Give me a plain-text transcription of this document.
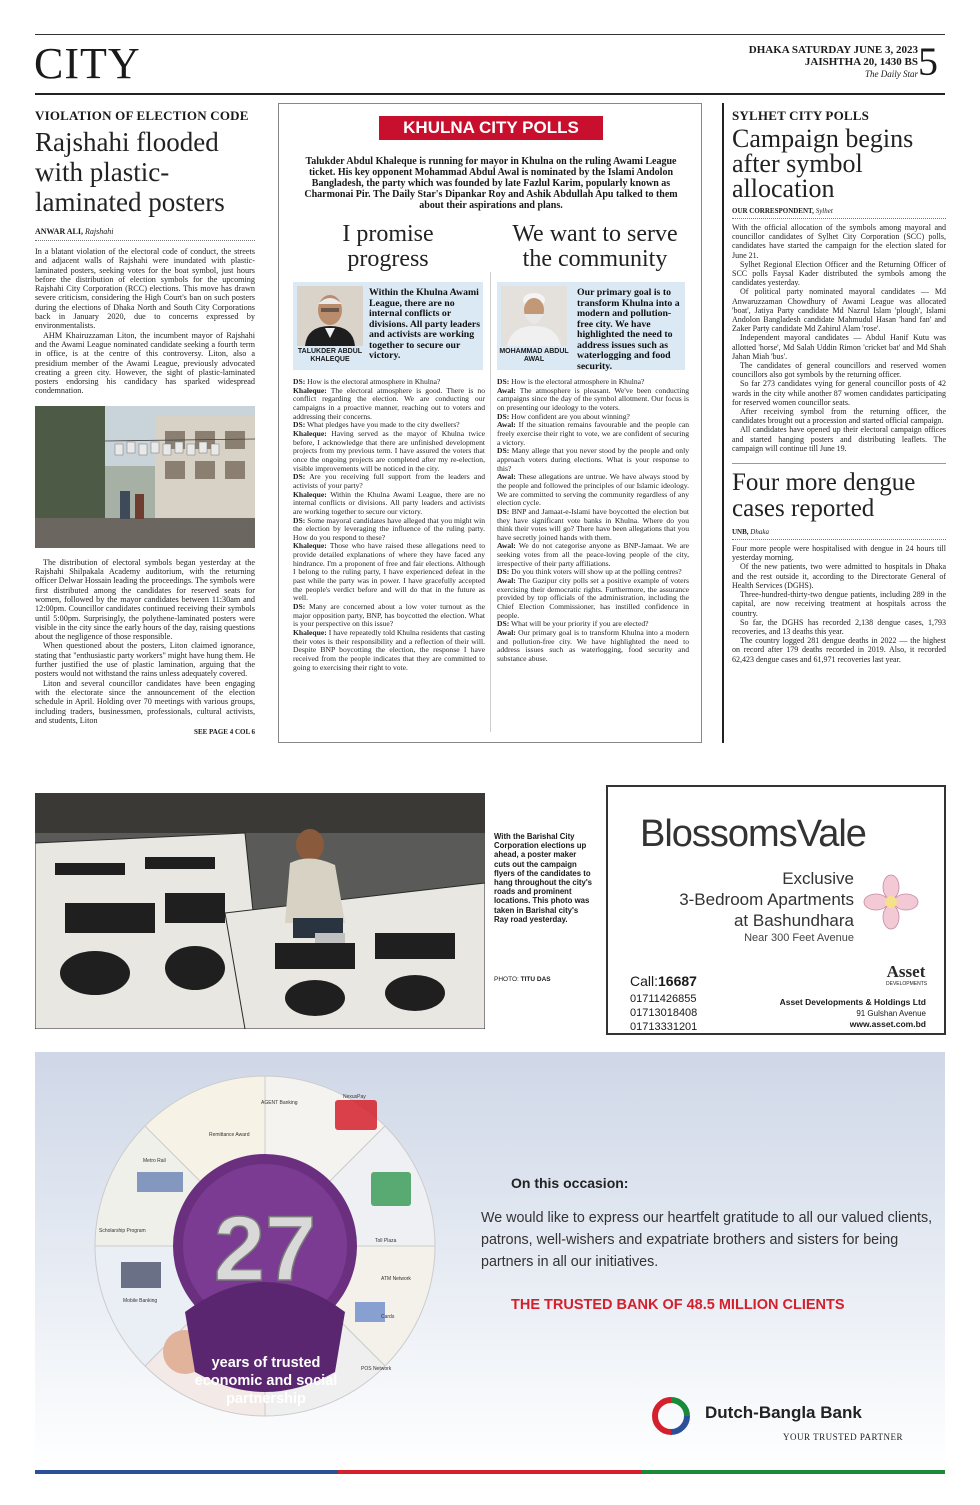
CITY	DHAKA SATURDAY JUNE 3, 2023
JAISHTHA 20, 1430 BS
The Daily Star 5
VIOLATION OF ELECTION CODE
Rajshahi flooded with plastic-laminated posters
ANWAR ALI, Rajshahi

In a blatant violation of the electoral code of conduct, the streets and adjacent walls of Rajshahi were inundated with plastic-laminated posters, seeking votes for the boat symbol, just hours before the distribution of election symbols for the upcoming Rajshahi City Corporation (RCC) elections. This move has drawn severe criticism, considering the High Court's ban on such posters during the elections of Dhaka North and South City Corporations back in January 2020, due to concerns expressed by environmentalists.

AHM Khairuzzaman Liton, the incumbent mayor of Rajshahi and the Awami League nominated candidate seeking a fourth term in office, is at the centre of this controversy. Liton, also a presidium member of the Awami League, previously advocated creating a green city. However, the sight of plastic-laminated posters endorsing his candidacy has sparked widespread condemnation.

The distribution of electoral symbols began yesterday at the Rajshahi Shilpakala Academy auditorium, with the returning officer Delwar Hossain leading the proceedings. The symbols were first distributed among the candidates for reserved seats for women, followed by the mayor candidates between 11:30am and 12:00pm. Councillor candidates continued receiving their symbols until 5:00pm. Surprisingly, the polythene-laminated posters were visible in the city since the early hours of the day, raising questions about the negligence of those responsible.

When questioned about the posters, Liton claimed ignorance, stating that "enthusiastic party workers" might have hung them. He further justified the use of plastic lamination, arguing that the posters would not withstand the rains unless adequately covered.

Liton and several councillor candidates have been engaging with the electorate since the announcement of the election schedule in April. Holding over 70 meetings with various groups, including traders, businessmen, professionals, cultural activists, and students, Liton

SEE PAGE 4 COL 6
KHULNA CITY POLLS
Talukder Abdul Khaleque is running for mayor in Khulna on the ruling Awami League ticket. His key opponent Mohammad Abdul Awal is nominated by the Islami Andolon Bangladesh, the party which was founded by late Fazlul Karim, popularly known as Charmonai Pir. The Daily Star's Dipankar Roy and Ashik Abdullah Apu talked to them about their aspirations and plans.
I promise progress
We want to serve the community
TALUKDER ABDUL KHALEQUE
Within the Khulna Awami League, there are no internal conflicts or divisions. All party leaders and activists are working together to secure our victory.	MOHAMMAD ABDUL AWAL
Our primary goal is to transform Khulna into a modern and pollution-free city. We have highlighted the need to address issues such as waterlogging and food security.
DS: How is the electoral atmosphere in Khulna?
Khaleque: The electoral atmosphere is good. There is no conflict regarding the election. We are conducting our campaigns in a proactive manner, reaching out to voters and addressing their concerns.
DS: What pledges have you made to the city dwellers?
Khaleque: Having served as the mayor of Khulna twice before, I acknowledge that there are unfinished development projects from my previous term. I have assured the voters that once the ongoing projects are completed after my re-election, visible improvements will be noticed in the city.
DS: Are you receiving full support from the leaders and activists of your party?
Khaleque: Within the Khulna Awami League, there are no internal conflicts or divisions. All party leaders and activists are working together to secure our victory.
DS: Some mayoral candidates have alleged that you might win the election by leveraging the influence of the ruling party. How do you respond to these?
Khaleque: Those who have raised these allegations need to provide detailed explanations of where they have faced any hindrance. I'm a proponent of free and fair elections. Although I belong to the ruling party, I have experienced defeat in the past while the party was in power. I have gracefully accepted the people's verdict before and will do that in the future as well.
DS: Many are concerned about a low voter turnout as the major opposition party, BNP, has boycotted the election. What is your perspective on this issue?
Khaleque: I have repeatedly told Khulna residents that casting their votes is their responsibility and a reflection of their will. Despite BNP boycotting the election, the response I have received from the people indicates that they are committed to going to exercising their right to vote.
DS: How is the electoral atmosphere in Khulna?
Awal: The atmosphere is pleasant. We've been conducting campaigns since the day of the symbol allotment. Our focus is on presenting our ideology to the voters.
DS: How confident are you about winning?
Awal: If the situation remains favourable and the people can freely exercise their right to vote, we are confident of securing a victory.
DS: Many allege that you never stood by the people and only approach voters during elections. What is your response to this?
Awal: These allegations are untrue. We have always stood by the people and followed the principles of our Islamic ideology. We are committed to serving the community regardless of any election cycle.
DS: BNP and Jamaat-e-Islami have boycotted the election but they have significant vote banks in Khulna. Where do you think their votes will go? There have been allegations that you have secretly joined hands with them.
Awal: We do not categorise anyone as BNP-Jamaat. We are seeking votes from all the peace-loving people of the city, irrespective of their party affiliations.
DS: Do you think voters will show up at the polling centres?
Awal: The Gazipur city polls set a positive example of voters exercising their democratic rights. Furthermore, the assurance provided by top officials of the administration, including the Chief Election Commissioner, has instilled confidence in people.
DS: What will be your priority if you are elected?
Awal: Our primary goal is to transform Khulna into a modern and pollution-free city. We have highlighted the need to address issues such as waterlogging, food security and substance abuse.
SYLHET CITY POLLS
Campaign begins after symbol allocation
OUR CORRESPONDENT, Sylhet

With the official allocation of the symbols among mayoral and councillor candidates of Sylhet City Corporation (SCC) polls, candidates have started the campaign for the election slated for June 21.

Sylhet Regional Election Officer and the Returning Officer of SCC polls Faysal Kader distributed the symbols among the candidates yesterday.

Of political party nominated mayoral candidates — Md Anwaruzzaman Chowdhury of Awami League was allocated 'boat', Jatiya Party candidate Md Nazrul Islam 'plough', Islami Andolon Bangladesh candidate Mahmudul Hasan 'hand fan' and Zaker Party candidate Md Zahirul Alam 'rose'.

Independent mayoral candidates — Abdul Hanif Kutu was allotted 'horse', Md Salah Uddin Rimon 'cricket bat' and Md Shah Jahan Miah 'bus'.

The candidates of general councillors and reserved women councillors also got symbols by the returning officer.

So far 273 candidates vying for general councillor posts of 42 wards in the city while another 87 women candidates participating for reserved women councillor seats.

After receiving symbol from the returning officer, the candidates brought out a procession and started official campaign.

All candidates have opened up their electoral campaign offices and started hanging posters and distributing leaflets. The campaign will continue till June 19.

Four more dengue cases reported
UNB, Dhaka

Four more people were hospitalised with dengue in 24 hours till yesterday morning.

Of the new patients, two were admitted to hospitals in Dhaka and the rest outside it, according to the Directorate General of Health Services (DGHS).

Three-hundred-thirty-two dengue patients, including 289 in the capital, are now receiving treatment at hospitals across the country.

So far, the DGHS has recorded 2,138 dengue cases, 1,793 recoveries, and 13 deaths this year.

The country logged 281 dengue deaths in 2022 — the highest on record after 179 deaths recorded in 2019. Also, it recorded 62,423 dengue cases and 61,971 recoveries last year.

With the Barishal City Corporation elections up ahead, a poster maker cuts out the campaign flyers of the candidates to hang throughout the city's roads and prominent locations. This photo was taken in Barishal city's Ray road yesterday.
PHOTO: TITU DAS
BlossomsVale
Exclusive
3-Bedroom Apartments
at Bashundhara
Near 300 Feet Avenue
Call:16687
01711426855
01713018408
01713331201
Asset
DEVELOPMENTS
Asset Developments & Holdings Ltd
91 Gulshan Avenue
www.asset.com.bd
AGENT Banking
NexusPay
Remittance Award
Toll Plaza
Metro Rail
ATM Network
Scholarship Program
Cards
POS Network
Mobile Banking
27
years of trusted economic and social partnership
On this occasion:
We would like to express our heartfelt gratitude to all our valued clients, patrons, well-wishers and expatriate brothers and sisters for being partners in all our initiatives.
THE TRUSTED BANK OF 48.5 MILLION CLIENTS
Dutch-Bangla Bank
YOUR TRUSTED PARTNER
